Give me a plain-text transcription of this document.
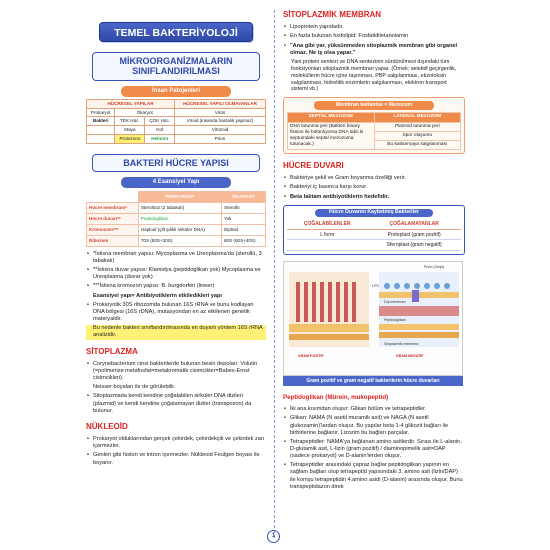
TEMEL BAKTERİYOLOJİ
MİKROORGANİZMALARIN SINIFLANDIRILMASI
İnsan Patojenleri
HÜCRESEL YAPILAR			HÜCRESEL YAPILI OLMAYANLAR
Prokaryot	Ökaryot		Virüs
Bakteri	TEK Hüc.	ÇOK Hüc.	Viroid (insanda hastalık yapmaz)
	Maya	Küf	Virüzoid
	Protozoon	Helmint	Prion
BAKTERİ HÜCRE YAPISI
4 Esansiyel Yapı
	PROKARYOT	ÖKARYOT
Hücre membranı*	Sterolsüz (2 tabakalı)	Sterollü
Hücre duvarı**	Peptidoglikan	Yok
Kromozom***	Haploid (çift iplikli sirküler DNA)	Diploid
Ribozom	70S (50S+30S)	80S (60S+40S)
• *İstisna membran yapısı: Mycoplasma ve Ureoplasma'da (sterollü, 3 tabakalı)
• **İstisna duvar yapısı: Klamidya (peptidoglikan yok) Mycoplasma ve Ureoplasma (duvar yok)
• ***İstisna kromozon yapısı: B. burgdorferi (lineer)
Esansiyel yapı= Antibiyotiklerin etkiledikleri yapı
• Prokaryotik 30S ribozomda bulunan 16S rRNA ve bunu kodlayan DNA bölgesi (16S rDNA), mutasyondan en az etkilenen genetik materyaldir.
Bu nedenle bakteri sınıflandırılmasında en duyarlı yöntem 16S rRNA analizidir.
SİTOPLAZMA
• Corynebacterium cinsi bakterilerde bulunan besin depoları: Volutin (=polimerize metafosfat=metakromatik cisimcikler=Babes-Ernst cisimcikleri).
Neisser boyaları ile de görülebilir.
• Sitoplazmada kendi kendine çoğalabilen sirküler DNA dizileri (plazmid) ve kendi kendine çoğalamayan diziler (transpozon) da bulunur.
NÜKLEOİD
• Prokaryot olduklarından gerçek çekirdek, çekirdekçik ve çekirdek zarı içermezler.
• Genleri gibi histon ve intron içermezler. Nükleoid Feulgen boyası ile boyanır.
SİTOPLAZMİK MEMBRAN
• Lipoprotein yapıdadır.
• En fazla bulunan fosfolipid: Fosfatidiletanolamin
• "Ana gibi yar, yüksünmeden sitoplazmik membran gibi organel olmaz. Ne iş olsa yapar."
Yani protein sentezi ve DNA sentezinin sürdürülmesi dışındaki tüm fonksiyonları sitoplazmik membran yapar. (Örnek; selektif geçirgenlik, moleküllerin hücre içine taşınması, PBP salgılanması, ekzotoksin salgılanması, hidrolitik enzimlerin salgılanması, elektron transport sistemi vb.)
Membran katlantısı = Mezozom
SEPTAL MEZOZOM	LATERAL MEZOZOM
DNA tutunma yeri (Bakteri binary fission ile bölünüyorsa DNA tabii ki septumdaki septal mezozoma tutunacak.)	Plazmid tutunma yeri
	Spor oluşumu
	Bu katlanmaya salgılanması
HÜCRE DUVARI
• Bakteriye şekil ve Gram boyanma özelliği verir.
• Bakteriyi iç basınca karşı korur.
• Beta laktam antibiyotiklerin hedefidir.
Hücre Duvarını Kaybetmiş Bakteriler
ÇOĞALABİLENLER	ÇOĞALAMAYANLAR
L form	Protoplast (gram pozitif)
	Sferoplast (gram negatif)
GRAM POZİTİF	GRAM NEGATİF
LPS
Porin (Ompi)
Dış membran
Peptidoglikan
Sitoplazmik membran
Gram pozitif ve gram negatif bakterilerin hücre duvarları
Peptidoglikan (Mürein, mukopeptid)
• İki ana kısımdan oluşur: Glikan bölüm ve tetrapeptidler.
• Glikan: NAMA (N asetil muramik asit) ve NAGA (N asetil glukozamin)'lardan oluşur. Bu yapılar beta 1-4 glikozit bağları ile birbirlerine bağlanır. Lizozim bu bağları parçalar.
• Tetrapeptidler: NAMA'ya bağlanan amino asitlerdir. Sırası ile L-alanin, D-glutamik asit, L-lizin (gram pozitif) / diaminopimelik asit=DAP (sadece prokaryot) ve D-alanin'lerden oluşur.
• Tetrapeptidler arasındaki çapraz bağlar peptidoglikan yapının en sağlam bağları olup tetrapeptid yapısındaki 3. amino asit (lizin/DAP) ile komşu tetrapeptidin 4.amino asidi (D-alanin) arasında oluşur. Bunu transpeptidazon direk
1
